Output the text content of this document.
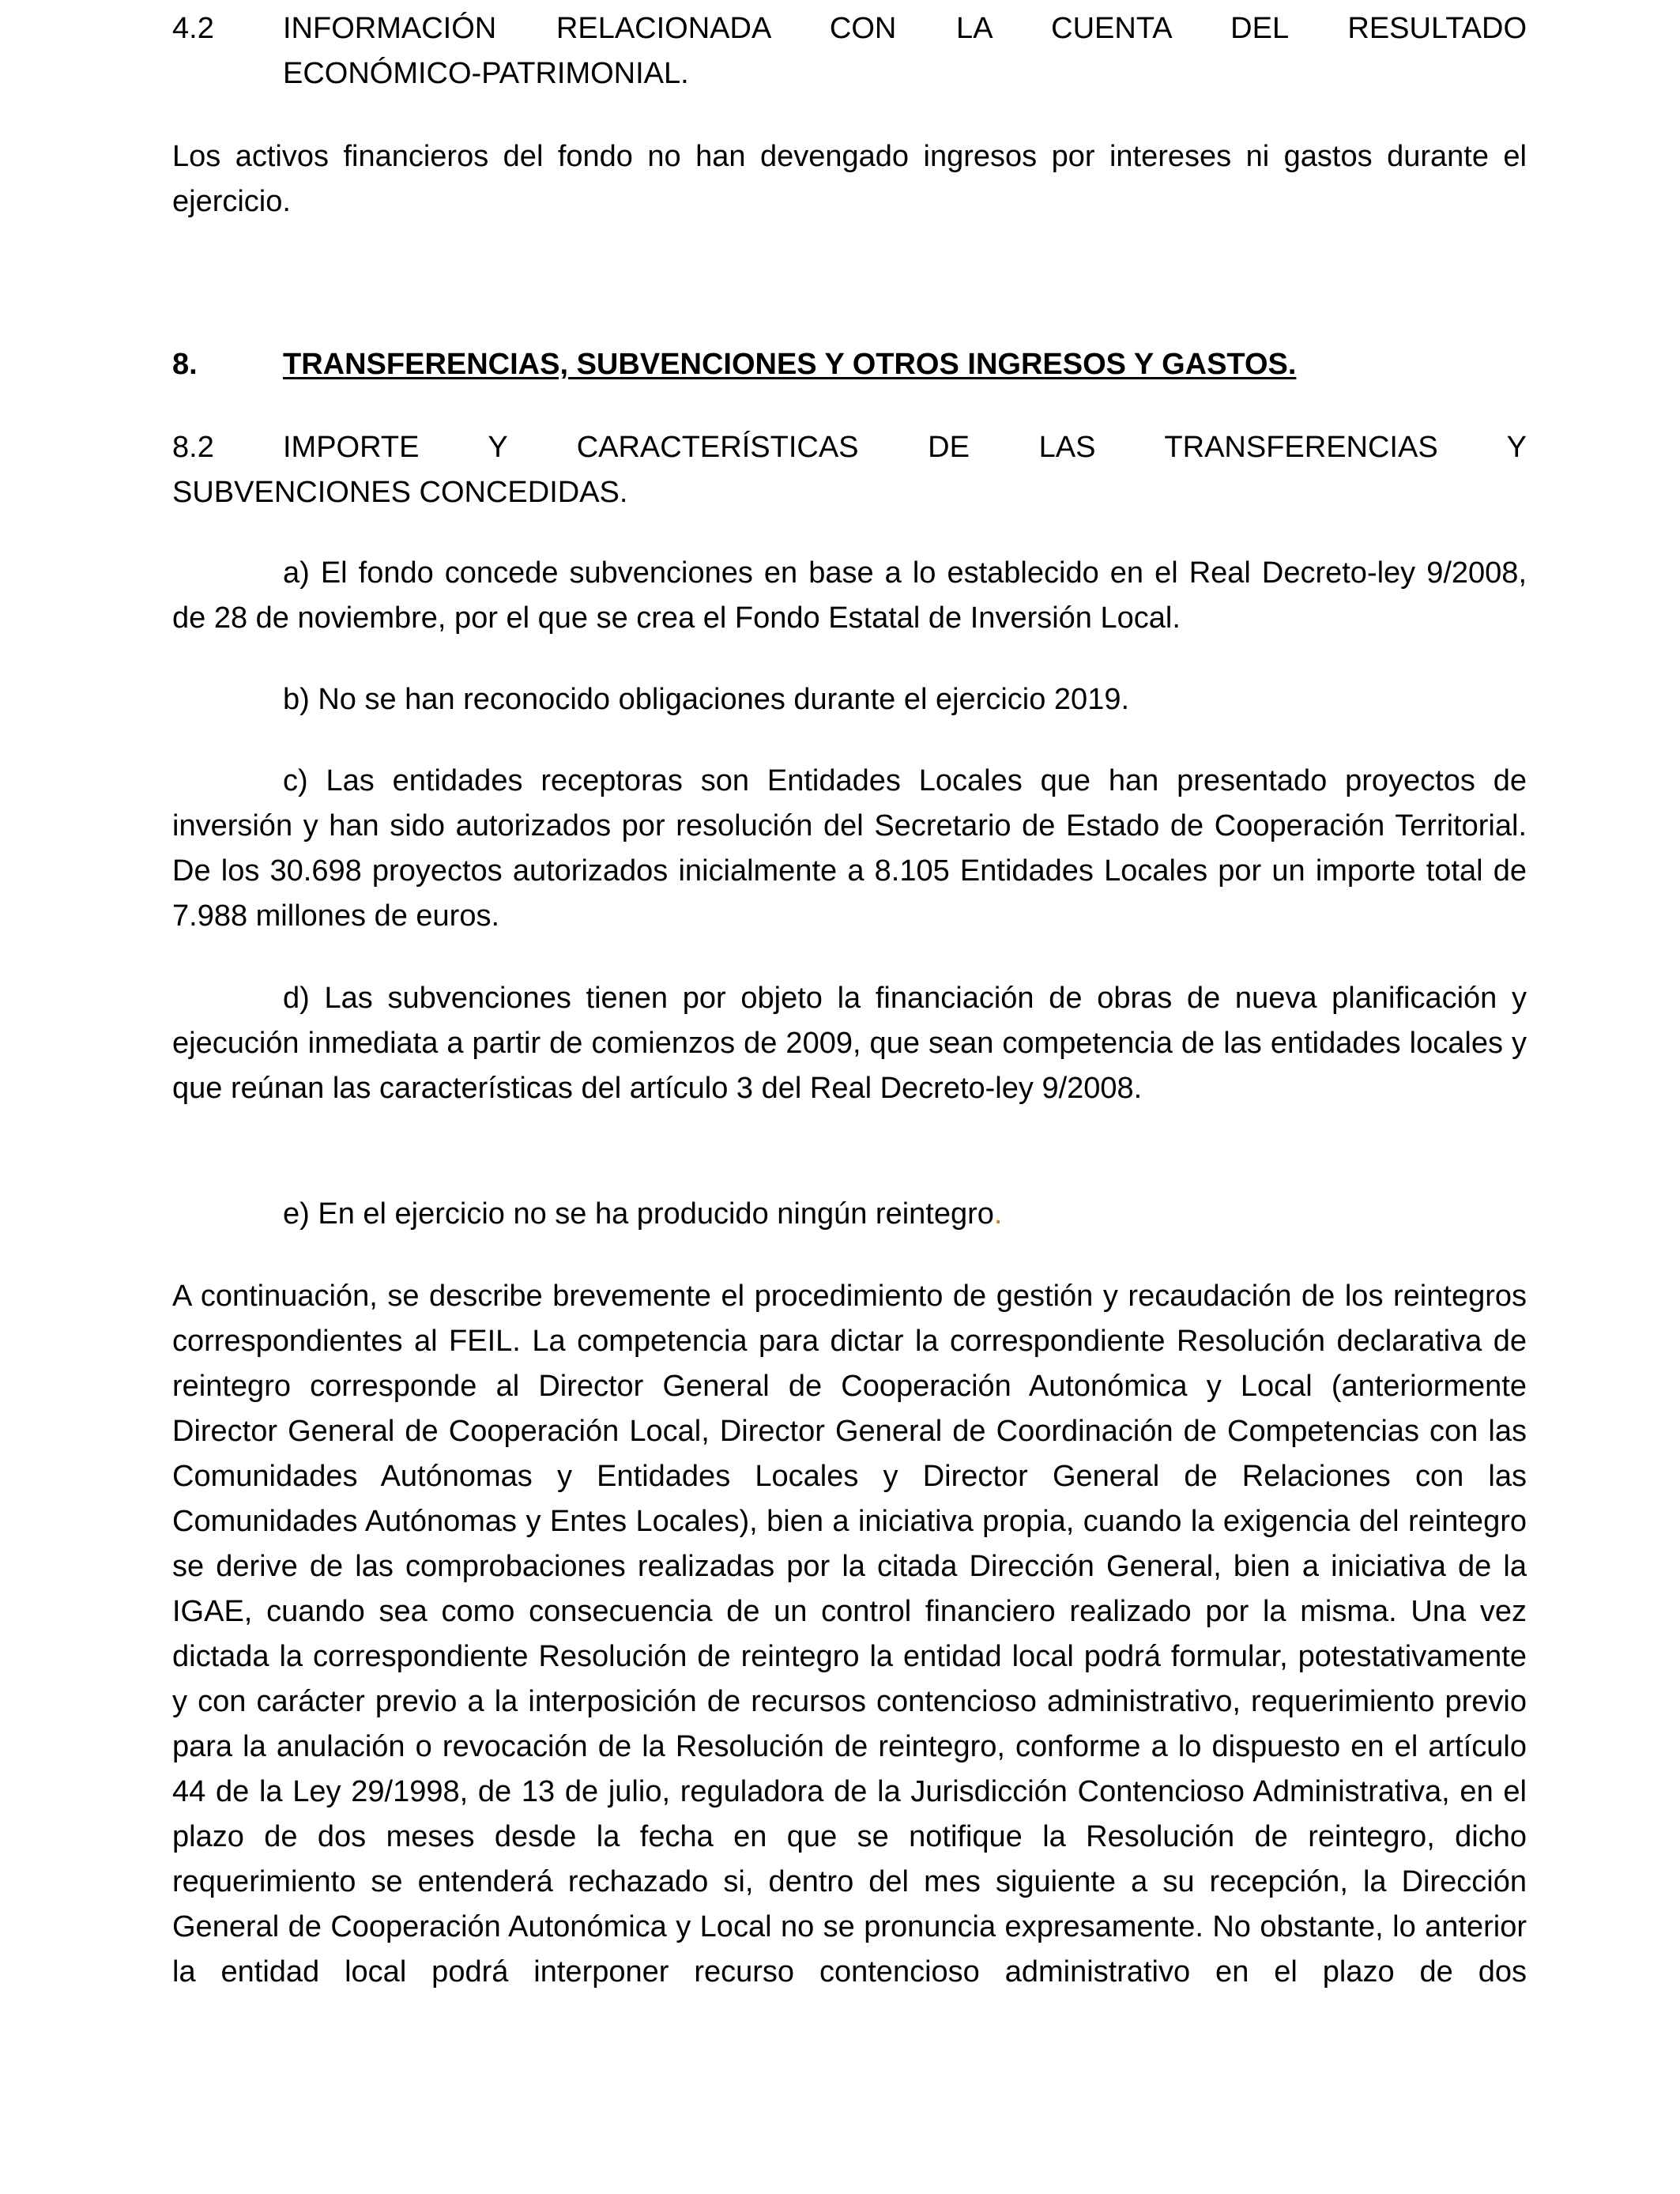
4.2	INFORMACIÓN RELACIONADA CON LA CUENTA DEL RESULTADO
ECONÓMICO-PATRIMONIAL.

Los activos financieros del fondo no han devengado ingresos por intereses ni gastos durante el ejercicio.

8.	TRANSFERENCIAS, SUBVENCIONES Y OTROS INGRESOS Y GASTOS.
8.2 IMPORTE Y CARACTERÍSTICAS DE LAS TRANSFERENCIAS Y
SUBVENCIONES CONCEDIDAS.

a) El fondo concede subvenciones en base a lo establecido en el Real Decreto-ley 9/2008, de 28 de noviembre, por el que se crea el Fondo Estatal de Inversión Local.

b) No se han reconocido obligaciones durante el ejercicio 2019.

c) Las entidades receptoras son Entidades Locales que han presentado proyectos de inversión y han sido autorizados por resolución del Secretario de Estado de Cooperación Territorial. De los 30.698 proyectos autorizados inicialmente a 8.105 Entidades Locales por un importe total de 7.988 millones de euros.

d) Las subvenciones tienen por objeto la financiación de obras de nueva planificación y ejecución inmediata a partir de comienzos de 2009, que sean competencia de las entidades locales y que reúnan las características del artículo 3 del Real Decreto-ley 9/2008.

e) En el ejercicio no se ha producido ningún reintegro.

A continuación, se describe brevemente el procedimiento de gestión y recaudación de los reintegros correspondientes al FEIL. La competencia para dictar la correspondiente Resolución declarativa de reintegro corresponde al Director General de Cooperación Autonómica y Local (anteriormente Director General de Cooperación Local, Director General de Coordinación de Competencias con las Comunidades Autónomas y Entidades Locales y Director General de Relaciones con las Comunidades Autónomas y Entes Locales), bien a iniciativa propia, cuando la exigencia del reintegro se derive de las comprobaciones realizadas por la citada Dirección General, bien a iniciativa de la IGAE, cuando sea como consecuencia de un control financiero realizado por la misma. Una vez dictada la correspondiente Resolución de reintegro la entidad local podrá formular, potestativamente y con carácter previo a la interposición de recursos contencioso administrativo, requerimiento previo para la anulación o revocación de la Resolución de reintegro, conforme a lo dispuesto en el artículo 44 de la Ley 29/1998, de 13 de julio, reguladora de la Jurisdicción Contencioso Administrativa, en el plazo de dos meses desde la fecha en que se notifique la Resolución de reintegro, dicho requerimiento se entenderá rechazado si, dentro del mes siguiente a su recepción, la Dirección General de Cooperación Autonómica y Local no se pronuncia expresamente. No obstante, lo anterior la entidad local podrá interponer recurso contencioso administrativo en el plazo de dos
